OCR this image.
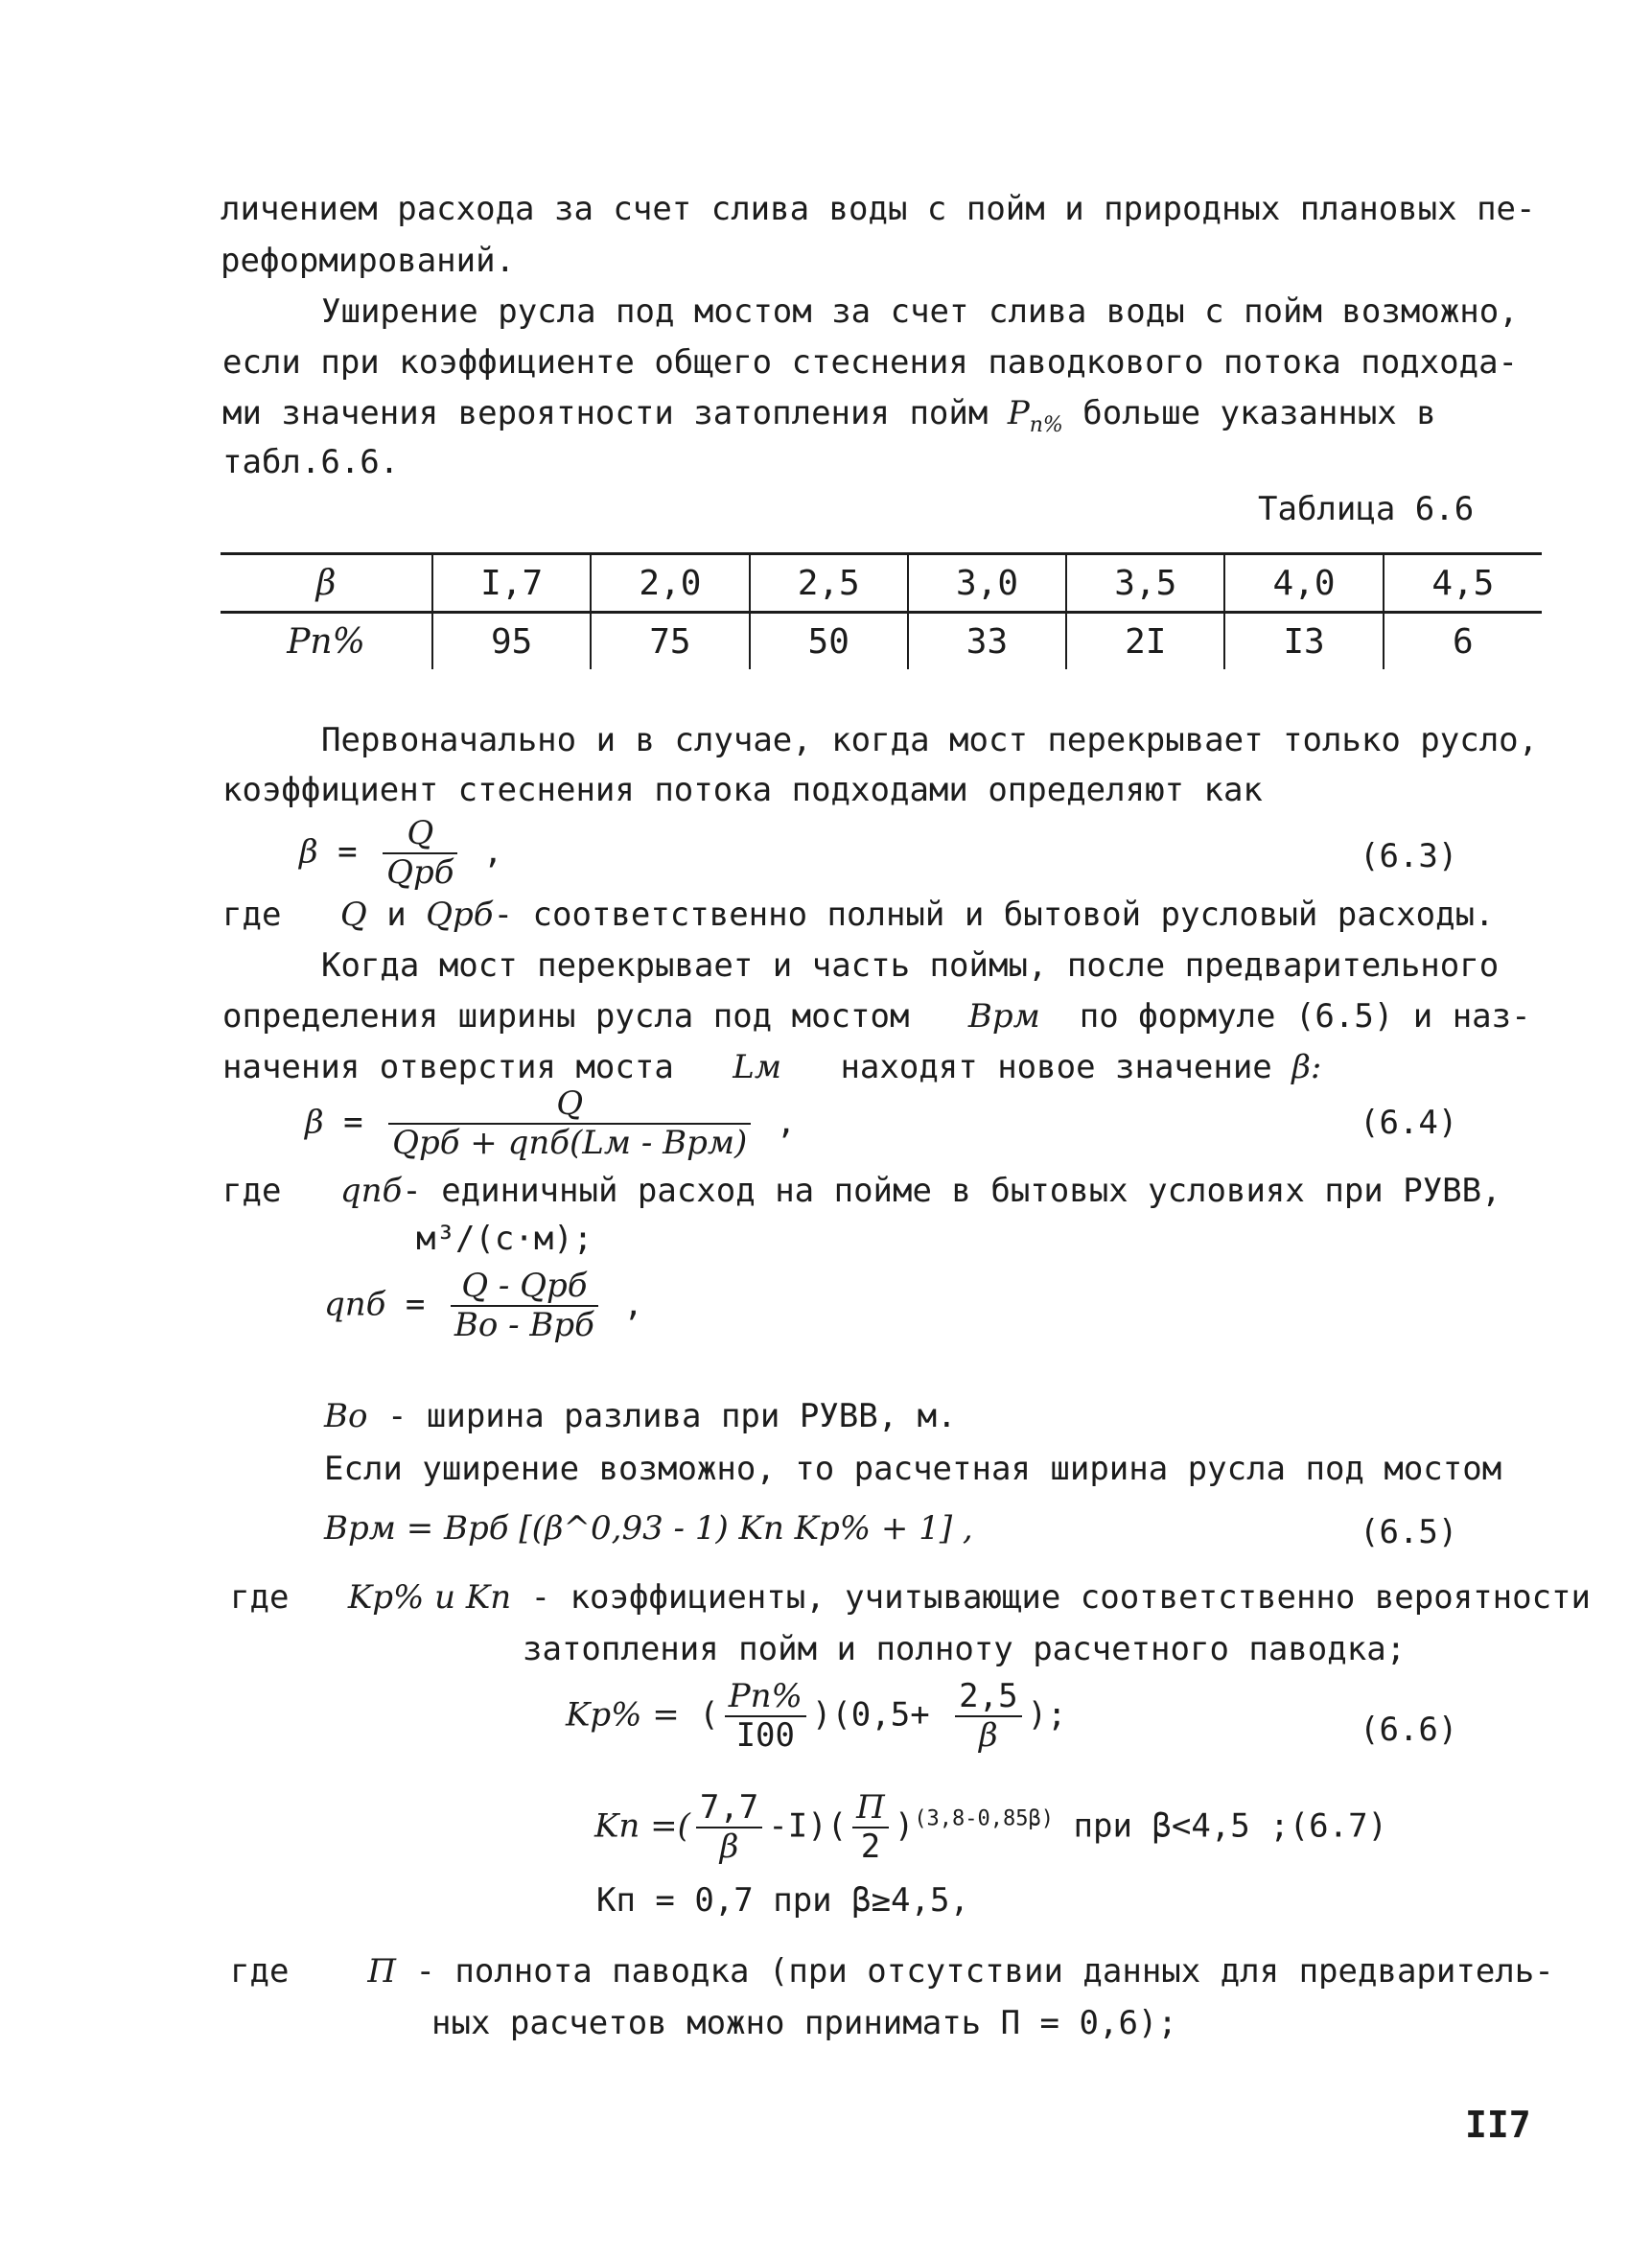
личением расхода за счет слива воды с пойм и природных плановых пе-
реформирований.
Уширение русла под мостом за счет слива воды с пойм возможно,
если при коэффициенте общего стеснения паводкового потока подхода-
ми значения вероятности затопления пойм $P_{п\%}$ больше указанных в
табл.6.6.
Таблица 6.6
β	I,7	2,0	2,5	3,0	3,5	4,0	4,5
Pп%	95	75	50	33	2I	I3	6
Первоначально и в случае, когда мост перекрывает только русло,
коэффициент стеснения потока подходами определяют как
$\beta = \frac{Q}{\text{Qрб}}$ ,	(6.3)
где Q и Qрб- соответственно полный и бытовой русловый расходы.
Когда мост перекрывает и часть поймы, после предварительного
определения ширины русла под мостом Bрм по формуле (6.5) и наз-
начения отверстия моста Lм находят новое значение β:
$\beta = \frac{Q}{\text{Qрб + qпб(Lм - Bрм)}}$ ,	(6.4)
где qпб- единичный расход на пойме в бытовых условиях при РУВВ,
м³/(с·м);
qпб = $\frac{\text{Q - Qрб}}{\text{Bо - Bрб}}$ ,
Bо - ширина разлива при РУВВ, м.
Если уширение возможно, то расчетная ширина русла под мостом
Bрм = Bрб [(β^0,93 - 1) Kп Kр% + 1] ,	(6.5)
где Kр% и Kп - коэффициенты, учитывающие соответственно вероятности
затопления пойм и полноту расчетного паводка;
Kр% = ( $\frac{Pп\%}{I00} )(0,5+ \frac{2,5}{\beta}$ );	(6.6)
Kп =( $\frac{7,7}{\beta} -I)( \frac{П}{2} )^{(3,8-0,85\beta)}$ при β<4,5 ;(6.7)
Kп = 0,7 при β≥4,5,
где П - полнота паводка (при отсутствии данных для предваритель-
ных расчетов можно принимать П = 0,6);
II7
